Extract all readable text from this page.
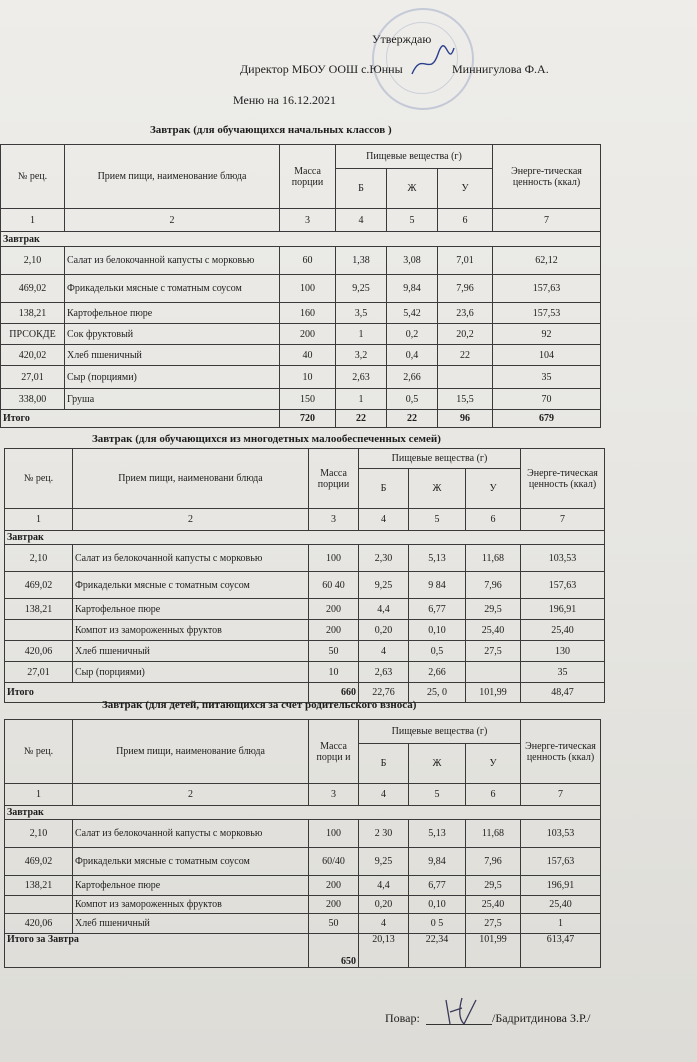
Утверждаю
Директор МБОУ ООШ с.Юнны	Миннигулова Ф.А.
Меню на 16.12.2021
Завтрак (для обучающихся начальных классов )
№ рец.	Прием пищи, наименование блюда	Масса порции	Пищевые вещества (г)			Энерге-тическая ценность (ккал)
			Б	Ж	У	
1	2	3	4	5	6	7
Завтрак						
2,10	Салат из белокочанной капусты с морковью	60	1,38	3,08	7,01	62,12
469,02	Фрикадельки мясные с томатным соусом	100	9,25	9,84	7,96	157,63
138,21	Картофельное пюре	160	3,5	5,42	23,6	157,53
ПРСОКДЕ	Сок фруктовый	200	1	0,2	20,2	92
420,02	Хлеб пшеничный	40	3,2	0,4	22	104
27,01	Сыр (порциями)	10	2,63	2,66		35
338,00	Груша	150	1	0,5	15,5	70
Итого		720	22	22	96	679
Завтрак (для обучающихся из многодетных малообеспеченных семей)
№ рец.	Прием пищи, наименовани блюда	Масса порции	Пищевые вещества (г)			Энерге-тическая ценность (ккал)
			Б	Ж	У	
1	2	3	4	5	6	7
Завтрак						
2,10	Салат из белокочанной капусты с морковью	100	2,30	5,13	11,68	103,53
469,02	Фрикадельки мясные с томатным соусом	60 40	9,25	9 84	7,96	157,63
138,21	Картофельное пюре	200	4,4	6,77	29,5	196,91
	Компот из замороженных фруктов	200	0,20	0,10	25,40	25,40
420,06	Хлеб пшеничный	50	4	0,5	27,5	130
27,01	Сыр (порциями)	10	2,63	2,66		35
Итого		660	22,76	25, 0	101,99	48,47
Завтрак (для детей, питающихся за счет родительского взноса)
№ рец.	Прием пищи, наименование блюда	Масса порци и	Пищевые вещества (г)			Энерге-тическая ценность (ккал)
			Б	Ж	У	
1	2	3	4	5	6	7
Завтрак						
2,10	Салат из белокочанной капусты с морковью	100	2 30	5,13	11,68	103,53
469,02	Фрикадельки мясные с томатным соусом	60/40	9,25	9,84	7,96	157,63
138,21	Картофельное пюре	200	4,4	6,77	29,5	196,91
	Компот из замороженных фруктов	200	0,20	0,10	25,40	25,40
420,06	Хлеб пшеничный	50	4	0 5	27,5	1
Итого за Завтра		650	20,13	22,34	101,99	613,47
Повар:	/Бадритдинова З.Р./
